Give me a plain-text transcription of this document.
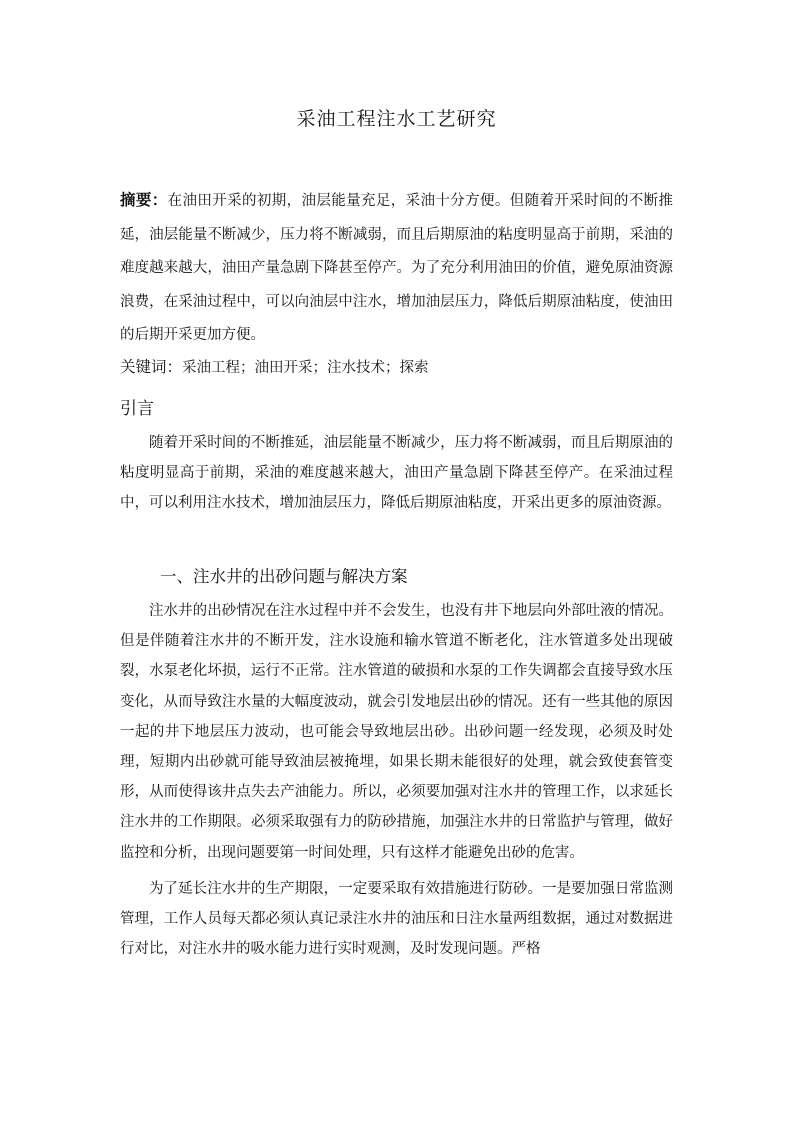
采油工程注水工艺研究

摘要：在油田开采的初期，油层能量充足，采油十分方便。但随着开采时间的不断推延，油层能量不断减少，压力将不断减弱，而且后期原油的粘度明显高于前期，采油的难度越来越大，油田产量急剧下降甚至停产。为了充分利用油田的价值，避免原油资源浪费，在采油过程中，可以向油层中注水，增加油层压力，降低后期原油粘度，使油田的后期开采更加方便。

关键词：采油工程；油田开采；注水技术；探索

引言

随着开采时间的不断推延，油层能量不断减少，压力将不断减弱，而且后期原油的粘度明显高于前期，采油的难度越来越大，油田产量急剧下降甚至停产。在采油过程中，可以利用注水技术，增加油层压力，降低后期原油粘度，开采出更多的原油资源。

一、注水井的出砂问题与解决方案

注水井的出砂情况在注水过程中并不会发生，也没有井下地层向外部吐液的情况。但是伴随着注水井的不断开发，注水设施和输水管道不断老化，注水管道多处出现破裂，水泵老化坏损，运行不正常。注水管道的破损和水泵的工作失调都会直接导致水压变化，从而导致注水量的大幅度波动，就会引发地层出砂的情况。还有一些其他的原因一起的井下地层压力波动，也可能会导致地层出砂。出砂问题一经发现，必须及时处理，短期内出砂就可能导致油层被掩埋，如果长期未能很好的处理，就会致使套管变形，从而使得该井点失去产油能力。所以，必须要加强对注水井的管理工作，以求延长注水井的工作期限。必须采取强有力的防砂措施，加强注水井的日常监护与管理，做好监控和分析，出现问题要第一时间处理，只有这样才能避免出砂的危害。

为了延长注水井的生产期限，一定要采取有效措施进行防砂。一是要加强日常监测管理，工作人员每天都必须认真记录注水井的油压和日注水量两组数据，通过对数据进行对比，对注水井的吸水能力进行实时观测，及时发现问题。严格
